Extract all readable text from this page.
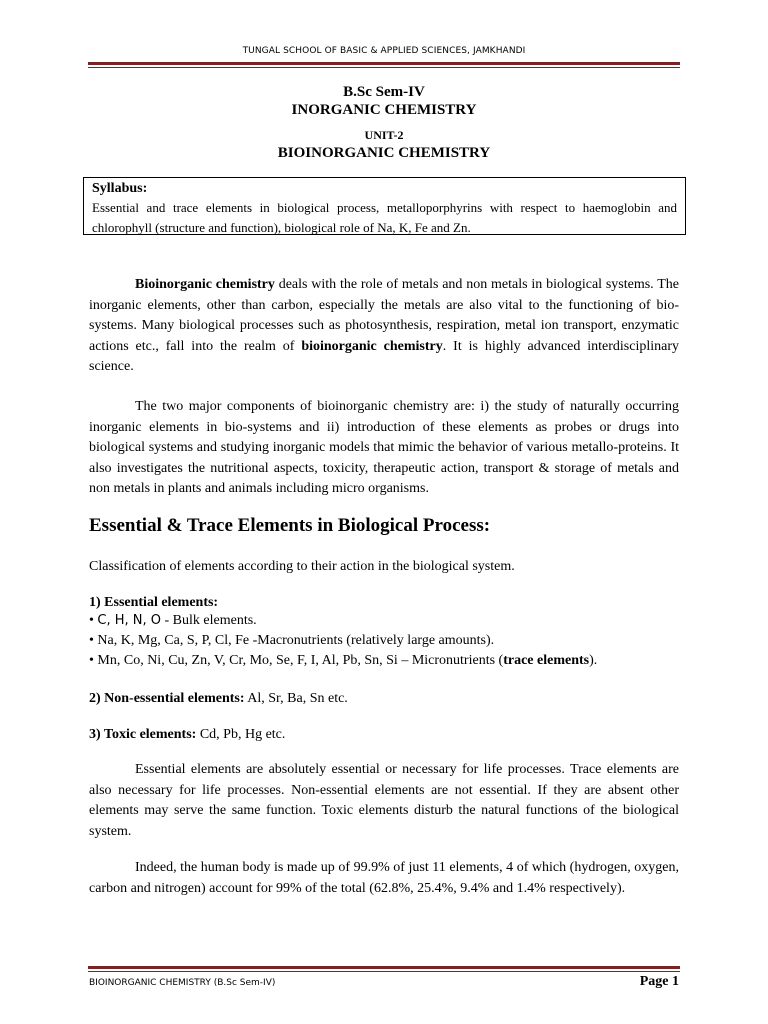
TUNGAL SCHOOL OF BASIC & APPLIED SCIENCES, JAMKHANDI
B.Sc Sem-IV
INORGANIC CHEMISTRY
UNIT-2
BIOINORGANIC CHEMISTRY
Syllabus:

Essential and trace elements in biological process, metalloporphyrins with respect to haemoglobin and chlorophyll (structure and function), biological role of Na, K, Fe and Zn.

Bioinorganic chemistry deals with the role of metals and non metals in biological systems. The inorganic elements, other than carbon, especially the metals are also vital to the functioning of bio- systems. Many biological processes such as photosynthesis, respiration, metal ion transport, enzymatic actions etc., fall into the realm of bioinorganic chemistry. It is highly advanced interdisciplinary science.

The two major components of bioinorganic chemistry are: i) the study of naturally occurring inorganic elements in bio-systems and ii) introduction of these elements as probes or drugs into biological systems and studying inorganic models that mimic the behavior of various metallo-proteins. It also investigates the nutritional aspects, toxicity, therapeutic action, transport & storage of metals and non metals in plants and animals including micro organisms.

Essential & Trace Elements in Biological Process:

Classification of elements according to their action in the biological system.

1) Essential elements:

• C, H, N, O - Bulk elements.

• Na, K, Mg, Ca, S, P, Cl, Fe -Macronutrients (relatively large amounts).

• Mn, Co, Ni, Cu, Zn, V, Cr, Mo, Se, F, I, Al, Pb, Sn, Si – Micronutrients (trace elements).

2) Non-essential elements: Al, Sr, Ba, Sn etc.

3) Toxic elements: Cd, Pb, Hg etc.

Essential elements are absolutely essential or necessary for life processes. Trace elements are also necessary for life processes. Non-essential elements are not essential. If they are absent other elements may serve the same function. Toxic elements disturb the natural functions of the biological system.

Indeed, the human body is made up of 99.9% of just 11 elements, 4 of which (hydrogen, oxygen, carbon and nitrogen) account for 99% of the total (62.8%, 25.4%, 9.4% and 1.4% respectively).

BIOINORGANIC CHEMISTRY (B.Sc Sem-IV)	Page 1
